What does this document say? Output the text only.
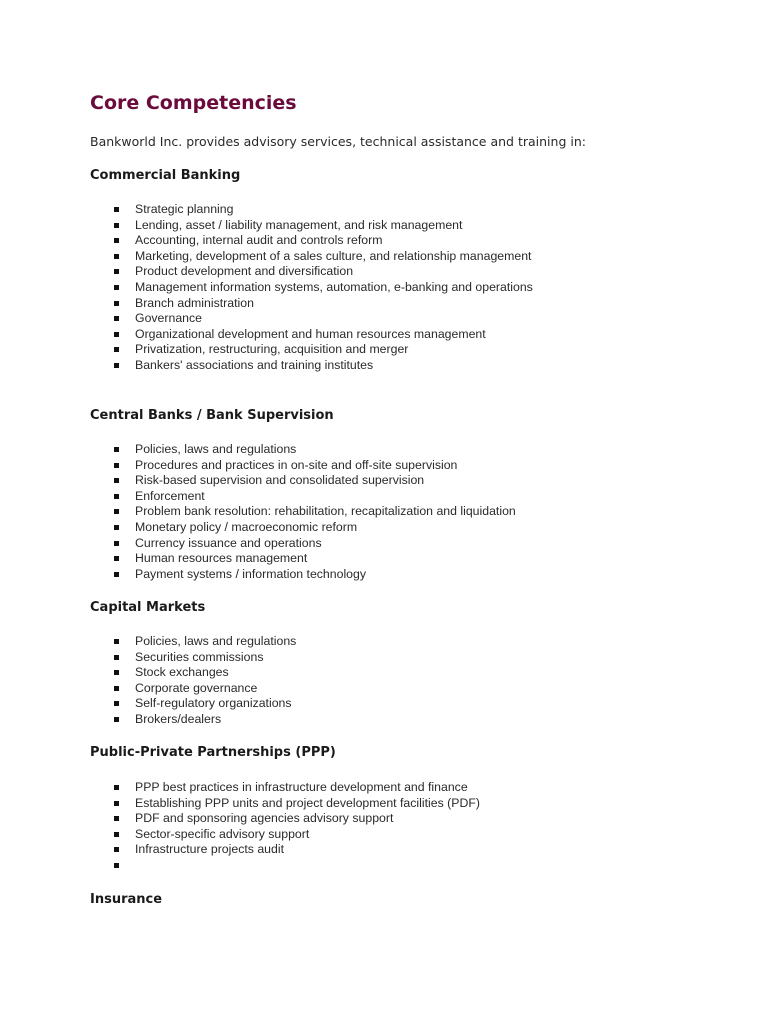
Core Competencies

Bankworld Inc. provides advisory services, technical assistance and training in:

Commercial Banking
Strategic planning
Lending, asset / liability management, and risk management
Accounting, internal audit and controls reform
Marketing, development of a sales culture, and relationship management
Product development and diversification
Management information systems, automation, e-banking and operations
Branch administration
Governance
Organizational development and human resources management
Privatization, restructuring, acquisition and merger
Bankers' associations and training institutes
Central Banks / Bank Supervision
Policies, laws and regulations
Procedures and practices in on-site and off-site supervision
Risk-based supervision and consolidated supervision
Enforcement
Problem bank resolution: rehabilitation, recapitalization and liquidation
Monetary policy / macroeconomic reform
Currency issuance and operations
Human resources management
Payment systems / information technology
Capital Markets
Policies, laws and regulations
Securities commissions
Stock exchanges
Corporate governance
Self-regulatory organizations
Brokers/dealers
Public-Private Partnerships (PPP)
PPP best practices in infrastructure development and finance
Establishing PPP units and project development facilities (PDF)
PDF and sponsoring agencies advisory support
Sector-specific advisory support
Infrastructure projects audit
Insurance
